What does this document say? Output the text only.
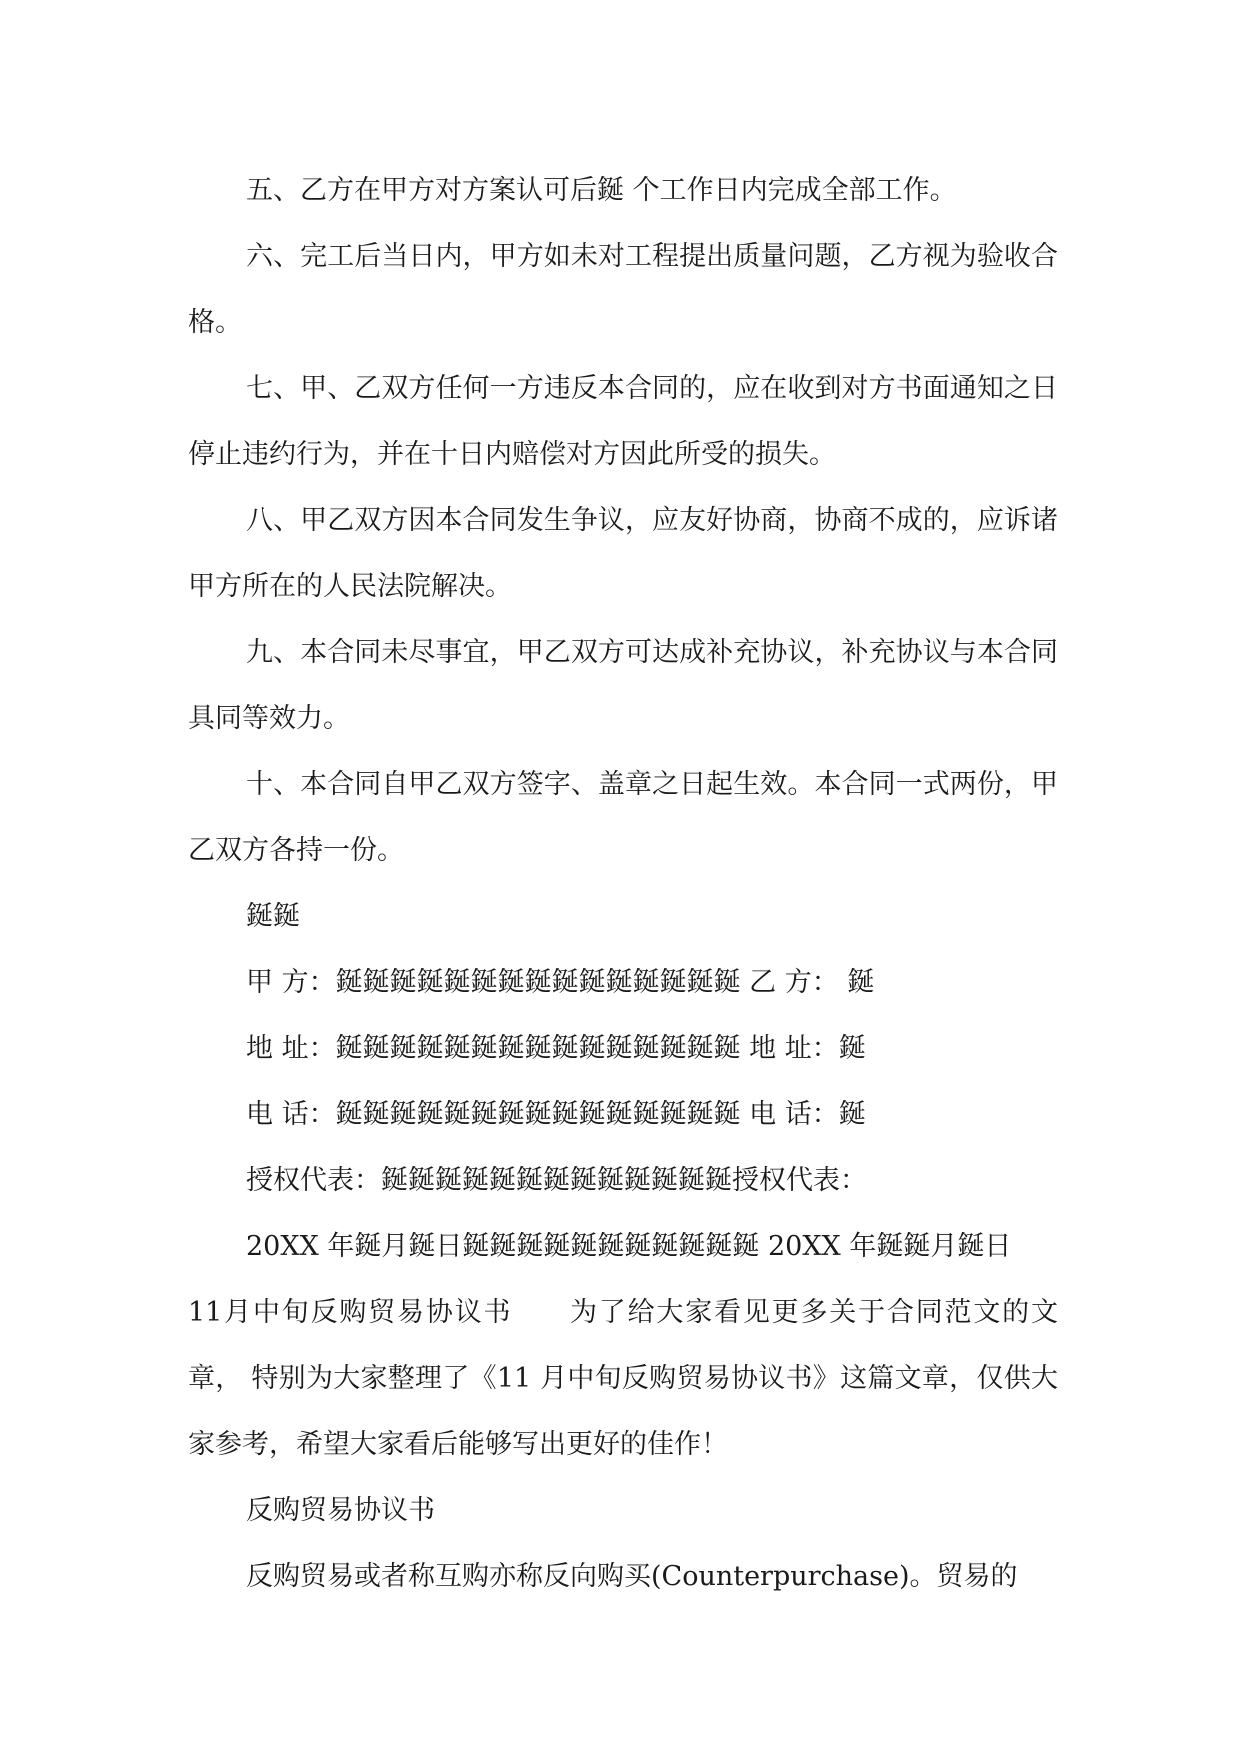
五、乙方在甲方对方案认可后鋋 个工作日内完成全部工作。

六、完工后当日内，甲方如未对工程提出质量问题，乙方视为验收合格。

七、甲、乙双方任何一方违反本合同的，应在收到对方书面通知之日停止违约行为，并在十日内赔偿对方因此所受的损失。

八、甲乙双方因本合同发生争议，应友好协商，协商不成的，应诉诸甲方所在的人民法院解决。

九、本合同未尽事宜，甲乙双方可达成补充协议，补充协议与本合同具同等效力。

十、本合同自甲乙双方签字、盖章之日起生效。本合同一式两份，甲乙双方各持一份。

鋋鋋

甲 方：鋋鋋鋋鋋鋋鋋鋋鋋鋋鋋鋋鋋鋋鋋鋋 乙 方： 鋋

地 址：鋋鋋鋋鋋鋋鋋鋋鋋鋋鋋鋋鋋鋋鋋鋋 地 址：鋋

电 话：鋋鋋鋋鋋鋋鋋鋋鋋鋋鋋鋋鋋鋋鋋鋋 电 话：鋋

授权代表：鋋鋋鋋鋋鋋鋋鋋鋋鋋鋋鋋鋋鋋授权代表：

20XX 年鋋月鋋日鋋鋋鋋鋋鋋鋋鋋鋋鋋鋋鋋 20XX 年鋋鋋月鋋日

11月中旬反购贸易协议书　　为了给大家看见更多关于合同范文的文章， 特别为大家整理了《11 月中旬反购贸易协议书》这篇文章，仅供大家参考，希望大家看后能够写出更好的佳作！

反购贸易协议书

反购贸易或者称互购亦称反向购买(Counterpurchase)。贸易的
